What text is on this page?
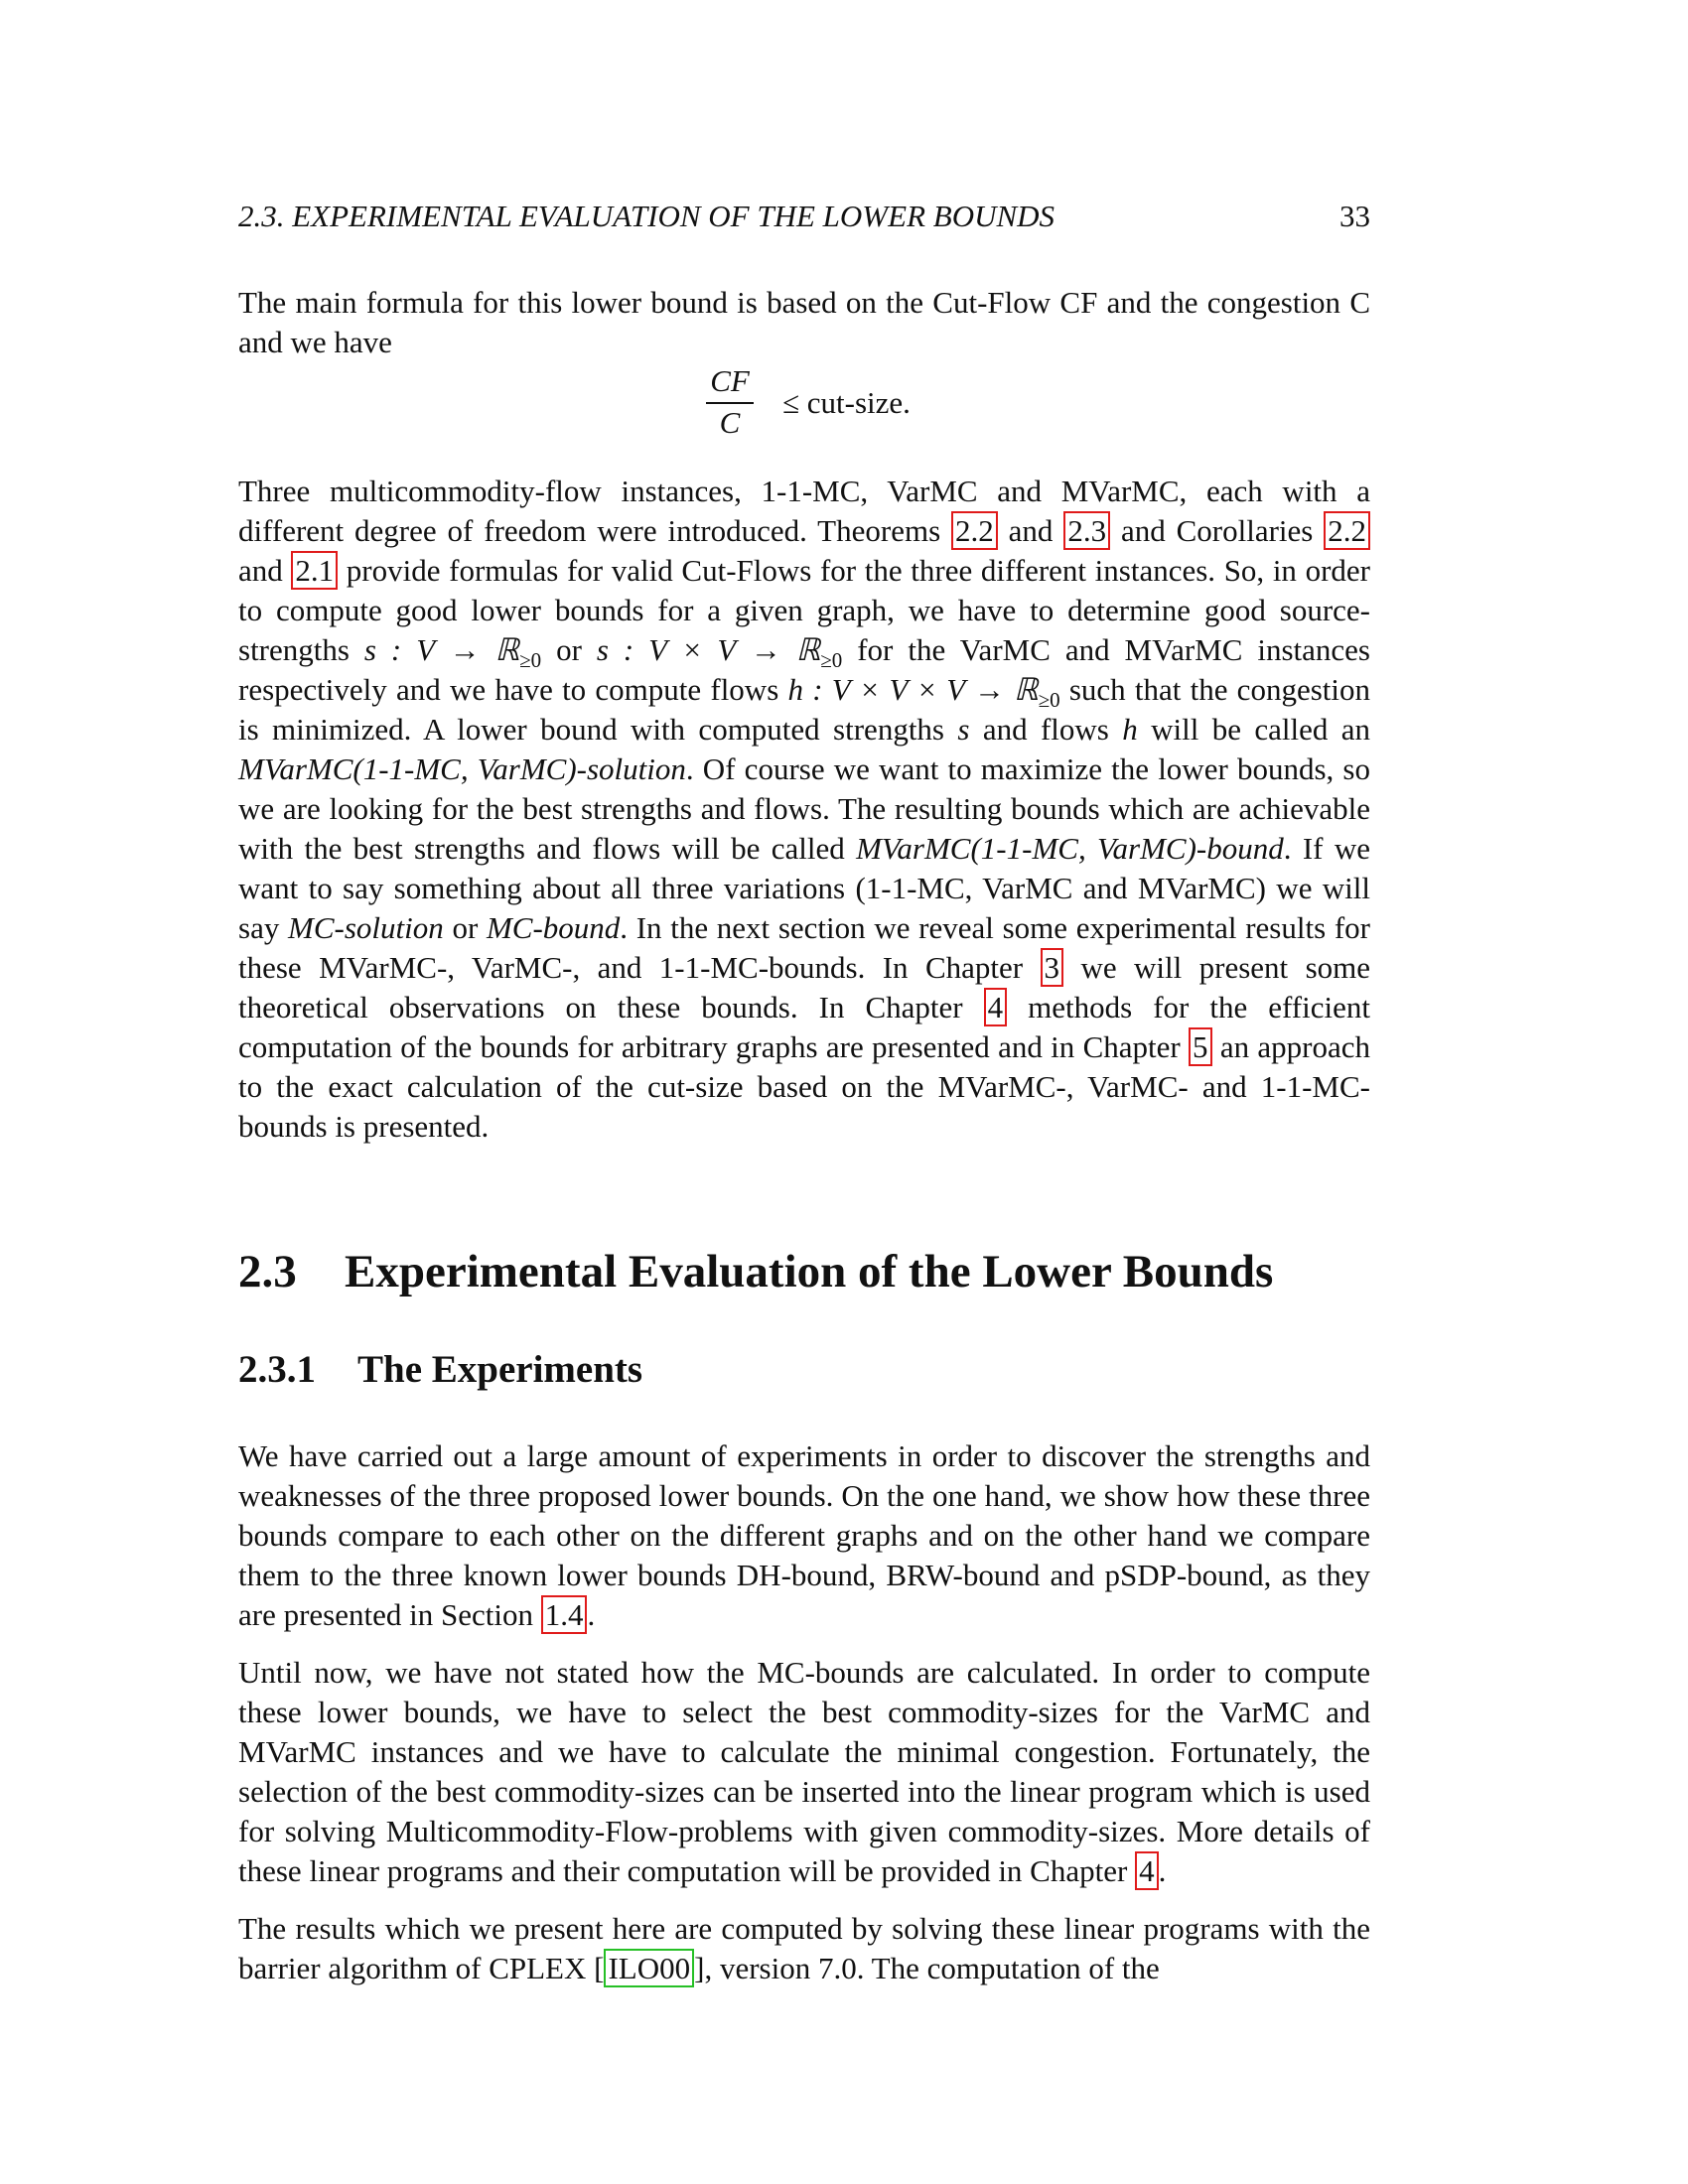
2.3. EXPERIMENTAL EVALUATION OF THE LOWER BOUNDS	33

The main formula for this lower bound is based on the Cut-Flow CF and the congestion C and we have

CF
C
≤ cut-size.

Three multicommodity-flow instances, 1-1-MC, VarMC and MVarMC, each with a different degree of freedom were introduced. Theorems 2.2 and 2.3 and Corollaries 2.2 and 2.1 provide formulas for valid Cut-Flows for the three different instances. So, in order to compute good lower bounds for a given graph, we have to determine good source-strengths s : V → ℝ$_{\ge 0}$ or s : V × V → ℝ$_{\ge 0}$ for the VarMC and MVarMC instances respectively and we have to compute flows h : V × V × V → ℝ$_{\ge 0}$ such that the congestion is minimized. A lower bound with computed strengths s and flows h will be called an MVarMC(1-1-MC, VarMC)-solution. Of course we want to maximize the lower bounds, so we are looking for the best strengths and flows. The resulting bounds which are achievable with the best strengths and flows will be called MVarMC(1-1-MC, VarMC)-bound. If we want to say something about all three variations (1-1-MC, VarMC and MVarMC) we will say MC-solution or MC-bound. In the next section we reveal some experimental results for these MVarMC-, VarMC-, and 1-1-MC-bounds. In Chapter 3 we will present some theoretical observations on these bounds. In Chapter 4 methods for the efficient computation of the bounds for arbitrary graphs are presented and in Chapter 5 an approach to the exact calculation of the cut-size based on the MVarMC-, VarMC- and 1-1-MC-bounds is presented.

2.3 Experimental Evaluation of the Lower Bounds
2.3.1 The Experiments

We have carried out a large amount of experiments in order to discover the strengths and weaknesses of the three proposed lower bounds. On the one hand, we show how these three bounds compare to each other on the different graphs and on the other hand we compare them to the three known lower bounds DH-bound, BRW-bound and pSDP-bound, as they are presented in Section 1.4 .

Until now, we have not stated how the MC-bounds are calculated. In order to compute these lower bounds, we have to select the best commodity-sizes for the VarMC and MVarMC instances and we have to calculate the minimal congestion. Fortunately, the selection of the best commodity-sizes can be inserted into the linear program which is used for solving Multicommodity-Flow-problems with given commodity-sizes. More details of these linear programs and their computation will be provided in Chapter 4 .

The results which we present here are computed by solving these linear programs with the barrier algorithm of CPLEX [ ILO00 ], version 7.0. The computation of the
